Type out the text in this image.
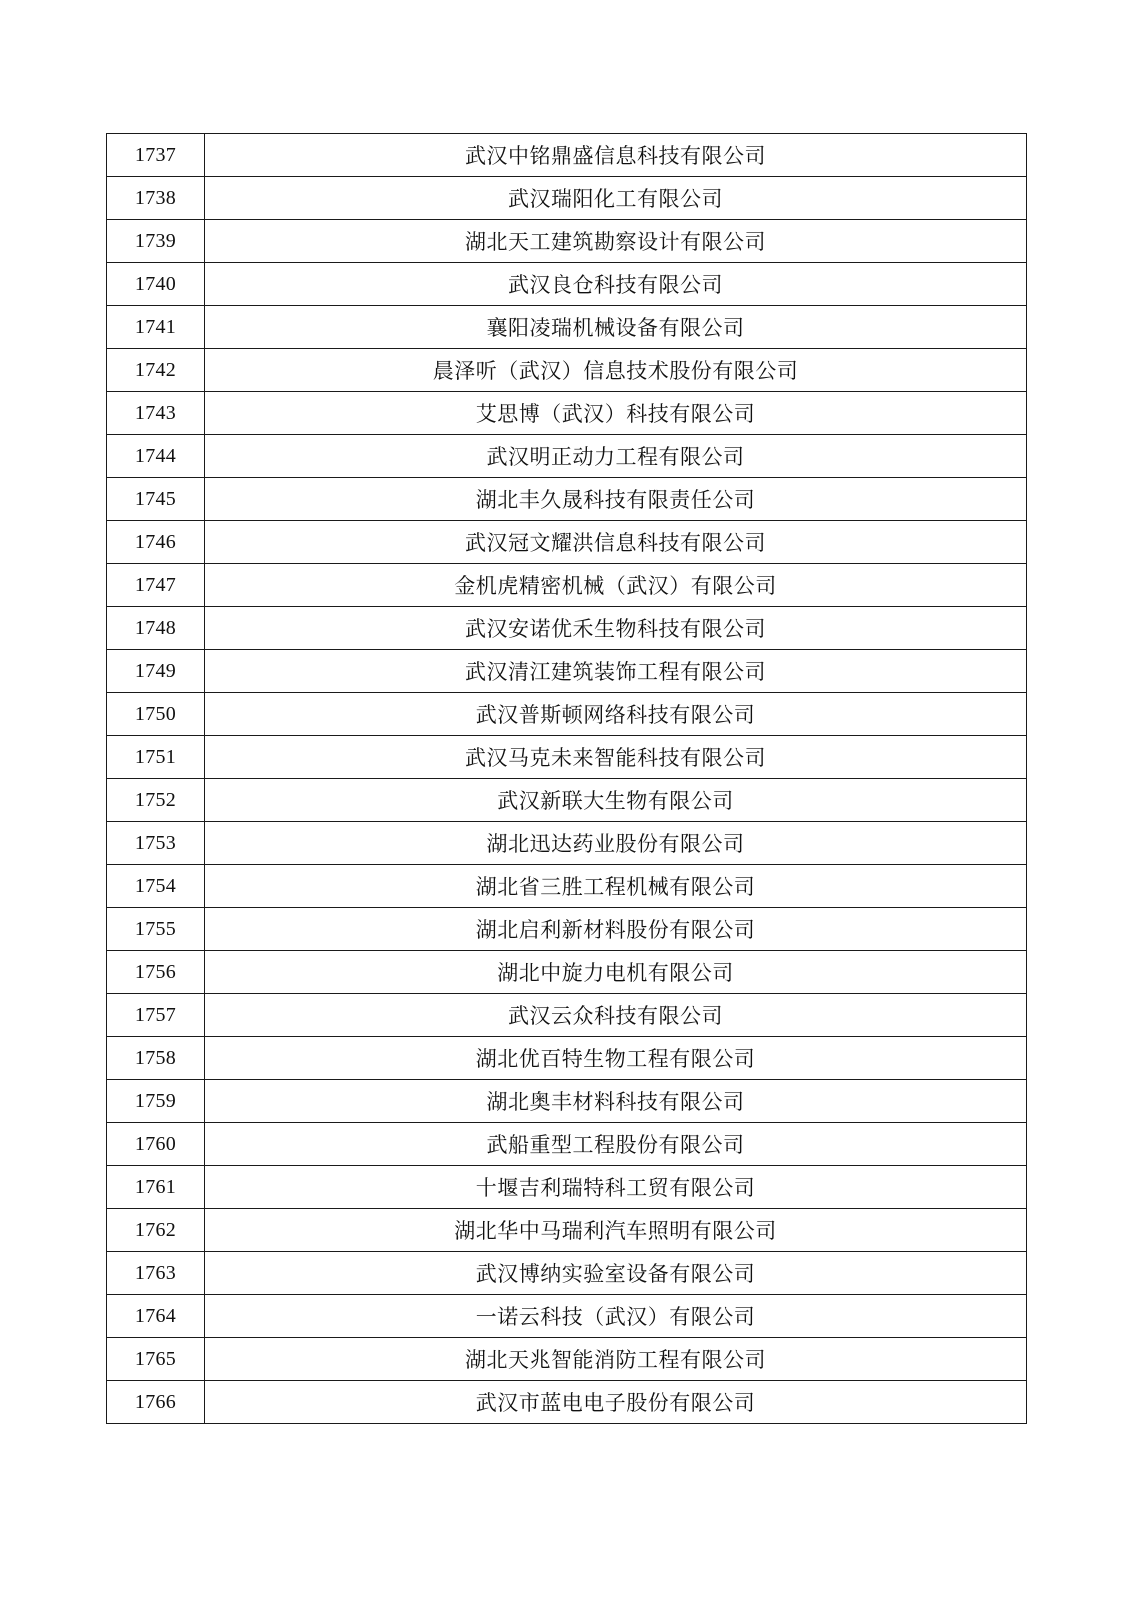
1737	武汉中铭鼎盛信息科技有限公司
1738	武汉瑞阳化工有限公司
1739	湖北天工建筑勘察设计有限公司
1740	武汉良仓科技有限公司
1741	襄阳凌瑞机械设备有限公司
1742	晨泽听（武汉）信息技术股份有限公司
1743	艾思博（武汉）科技有限公司
1744	武汉明正动力工程有限公司
1745	湖北丰久晟科技有限责任公司
1746	武汉冠文耀洪信息科技有限公司
1747	金机虎精密机械（武汉）有限公司
1748	武汉安诺优禾生物科技有限公司
1749	武汉清江建筑装饰工程有限公司
1750	武汉普斯顿网络科技有限公司
1751	武汉马克未来智能科技有限公司
1752	武汉新联大生物有限公司
1753	湖北迅达药业股份有限公司
1754	湖北省三胜工程机械有限公司
1755	湖北启利新材料股份有限公司
1756	湖北中旋力电机有限公司
1757	武汉云众科技有限公司
1758	湖北优百特生物工程有限公司
1759	湖北奥丰材料科技有限公司
1760	武船重型工程股份有限公司
1761	十堰吉利瑞特科工贸有限公司
1762	湖北华中马瑞利汽车照明有限公司
1763	武汉博纳实验室设备有限公司
1764	一诺云科技（武汉）有限公司
1765	湖北天兆智能消防工程有限公司
1766	武汉市蓝电电子股份有限公司
